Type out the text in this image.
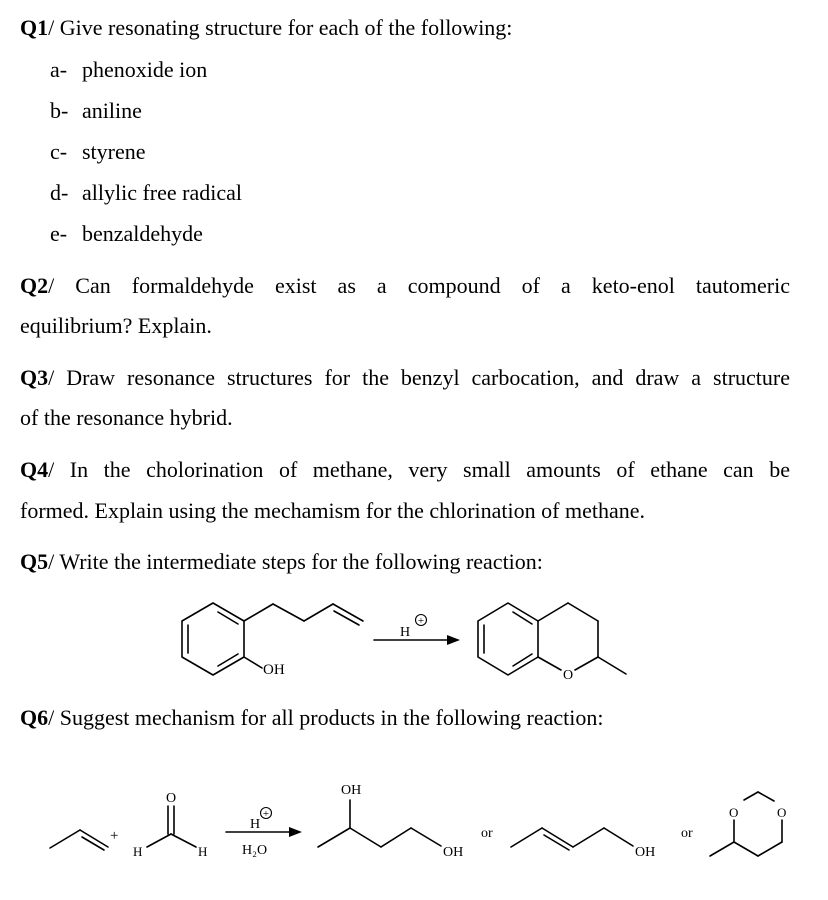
Q1/ Give resonating structure for each of the following:
a- phenoxide ion
b- aniline
c- styrene
d- allylic free radical
e- benzaldehyde
Q2/ Can formaldehyde exist as a compound of a keto-enol tautomeric
equilibrium? Explain.
Q3/ Draw resonance structures for the benzyl carbocation, and draw a structure
of the resonance hybrid.
Q4/ In the cholorination of methane, very small amounts of ethane can be
formed. Explain using the mechamism for the chlorination of methane.
Q5/ Write the intermediate steps for the following reaction:
OH
H
+
O
Q6/ Suggest mechanism for all products in the following reaction:
+
O
H	H
H
+
H₂O
OH
OH
or
OH
or
O	O
